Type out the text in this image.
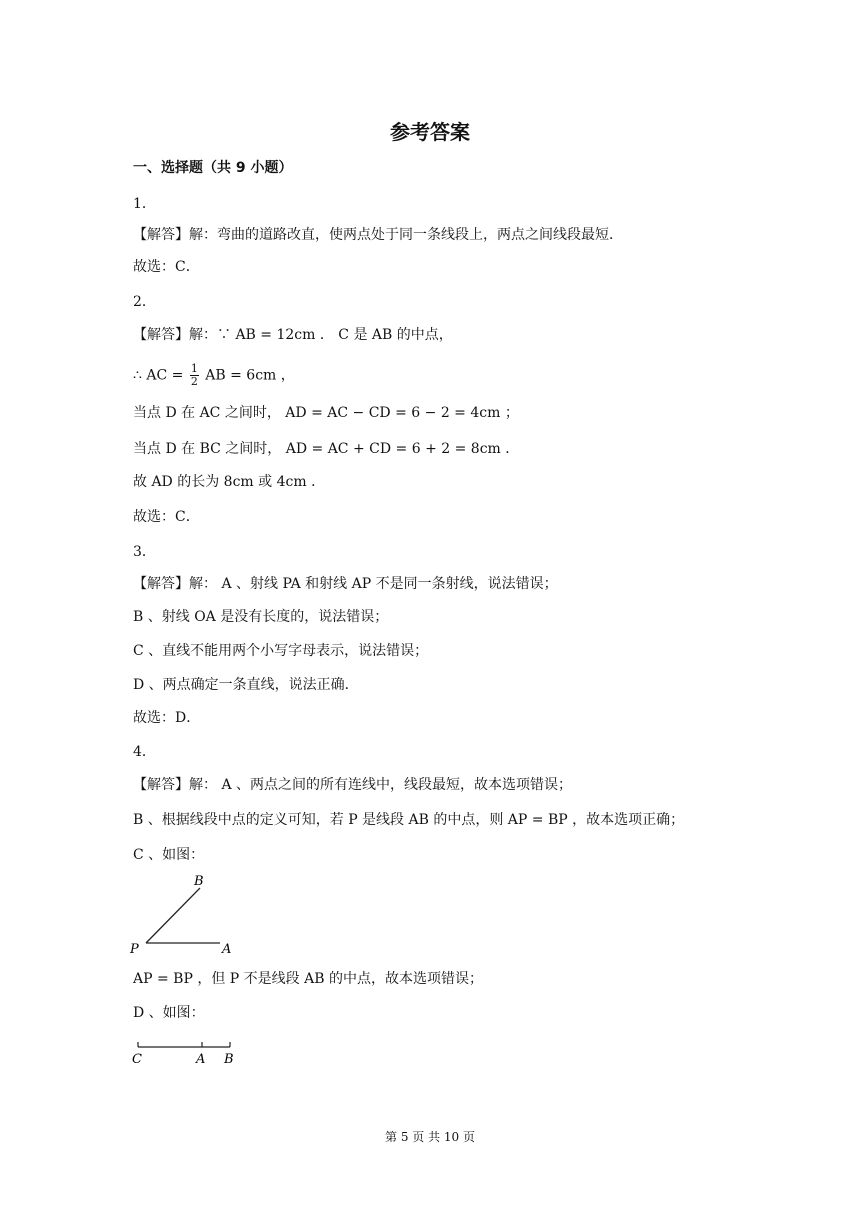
参考答案
一、选择题（共 9 小题）
1．
【解答】解：弯曲的道路改直，使两点处于同一条线段上，两点之间线段最短．
故选：C．
2．
【解答】解：∵ AB = 12cm ． C 是 AB 的中点，
∴ AC = $\frac{1}{2}$ AB = 6cm ，
当点 D 在 AC 之间时， AD = AC − CD = 6 − 2 = 4cm ；
当点 D 在 BC 之间时， AD = AC + CD = 6 + 2 = 8cm ．
故 AD 的长为 8cm 或 4cm ．
故选：C．
3．
【解答】解： A 、射线 PA 和射线 AP 不是同一条射线，说法错误；
B 、射线 OA 是没有长度的，说法错误；
C 、直线不能用两个小写字母表示，说法错误；
D 、两点确定一条直线，说法正确．
故选：D．
4．
【解答】解： A 、两点之间的所有连线中，线段最短，故本选项错误；
B 、根据线段中点的定义可知，若 P 是线段 AB 的中点，则 AP = BP ，故本选项正确；
C 、如图：
B
P	A
AP = BP ，但 P 不是线段 AB 的中点，故本选项错误；
D 、如图：
C	A B
第 5 页 共 10 页
